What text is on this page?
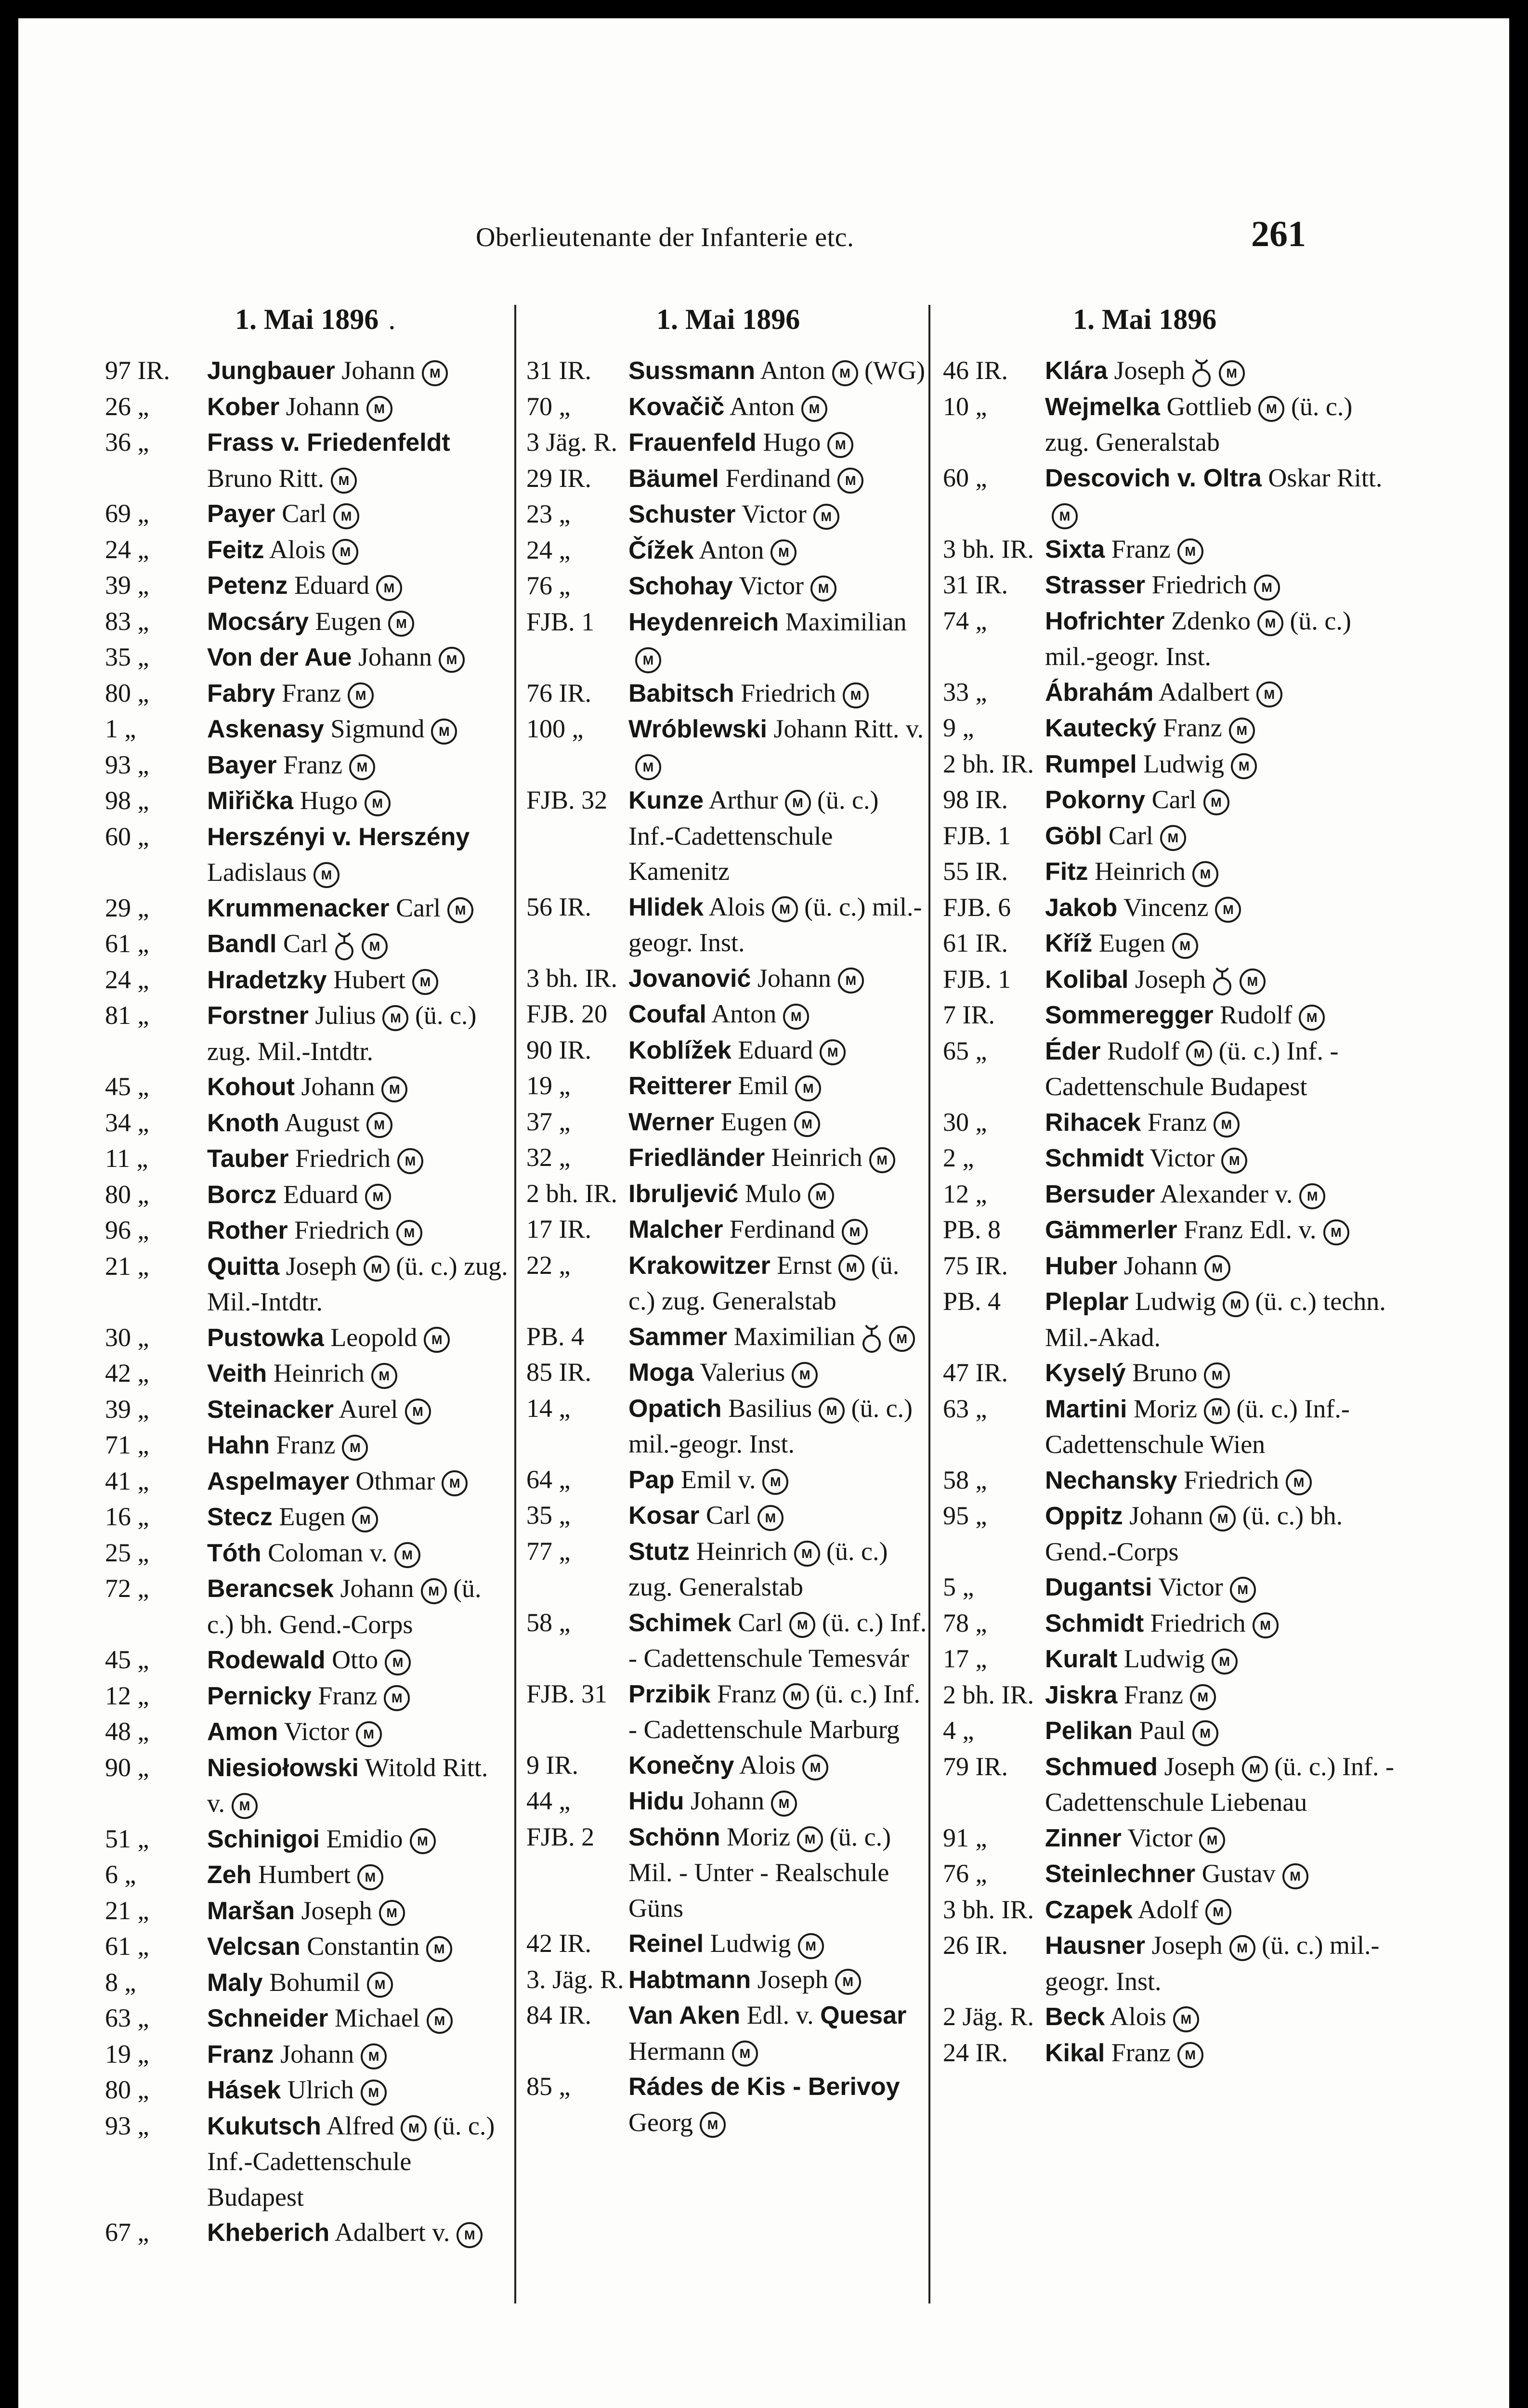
Oberlieutenante der Infanterie etc.	261
1. Mai 1896 .
97 IR.	Jungbauer Johann M
26 „	Kober Johann M
36 „	Frass v. Friedenfeldt Bruno Ritt. M
69 „	Payer Carl M
24 „	Feitz Alois M
39 „	Petenz Eduard M
83 „	Mocsáry Eugen M
35 „	Von der Aue Johann M
80 „	Fabry Franz M
1 „	Askenasy Sigmund M
93 „	Bayer Franz M
98 „	Miřička Hugo M
60 „	Herszényi v. Herszény Ladislaus M
29 „	Krummenacker Carl M
61 „	Bandl Carl	M
24 „	Hradetzky Hubert M
81 „	Forstner Julius M (ü. c.) zug. Mil.-Intdtr.
45 „	Kohout Johann M
34 „	Knoth August M
11 „	Tauber Friedrich M
80 „	Borcz Eduard M
96 „	Rother Friedrich M
21 „	Quitta Joseph M (ü. c.) zug. Mil.-Intdtr.
30 „	Pustowka Leopold M
42 „	Veith Heinrich M
39 „	Steinacker Aurel M
71 „	Hahn Franz M
41 „	Aspelmayer Othmar M
16 „	Stecz Eugen M
25 „	Tóth Coloman v. M
72 „	Berancsek Johann M (ü. c.) bh. Gend.-Corps
45 „	Rodewald Otto M
12 „	Pernicky Franz M
48 „	Amon Victor M
90 „	Niesiołowski Witold Ritt. v. M
51 „	Schinigoi Emidio M
6 „	Zeh Humbert M
21 „	Maršan Joseph M
61 „	Velcsan Constantin M
8 „	Maly Bohumil M
63 „	Schneider Michael M
19 „	Franz Johann M
80 „	Hásek Ulrich M
93 „	Kukutsch Alfred M (ü. c.) Inf.-Cadettenschule Budapest
67 „	Kheberich Adalbert v. M
1. Mai 1896
31 IR.	Sussmann Anton M (WG)
70 „	Kovačič Anton M
3 Jäg. R. Frauenfeld Hugo M
29 IR.	Bäumel Ferdinand M
23 „	Schuster Victor M
24 „	Čížek Anton M
76 „	Schohay Victor M
FJB. 1	Heydenreich MaximilianM
76 IR.	Babitsch Friedrich M
100 „	Wróblewski Johann Ritt. v.M
FJB. 32 Kunze Arthur M (ü. c.) Inf.-Cadettenschule Kamenitz
56 IR.	Hlidek Alois M (ü. c.) mil.-geogr. Inst.
3 bh. IR. Jovanović Johann M
FJB. 20 Coufal Anton M
90 IR.	Koblížek Eduard M
19 „	Reitterer Emil M
37 „	Werner Eugen M
32 „	Friedländer Heinrich M
2 bh. IR. Ibruljević Mulo M
17 IR.	Malcher Ferdinand M
22 „	Krakowitzer Ernst M (ü. c.) zug. Generalstab
PB. 4	Sammer Maximilian	M
85 IR.	Moga Valerius M
14 „	Opatich Basilius M (ü. c.) mil.-geogr. Inst.
64 „	Pap Emil v. M
35 „	Kosar Carl M
77 „	Stutz Heinrich M (ü. c.) zug. Generalstab
58 „	Schimek Carl M (ü. c.) Inf. - Cadettenschule Temesvár
FJB. 31 Przibik Franz M (ü. c.) Inf. - Cadettenschule Marburg
9 IR.	Konečny Alois M
44 „	Hidu Johann M
FJB. 2	Schönn Moriz M (ü. c.) Mil. - Unter - Realschule Güns
42 IR.	Reinel Ludwig M
3. Jäg. R. Habtmann Joseph M
84 IR.	Van Aken Edl. v. Quesar Hermann M
85 „	Rádes de Kis - Berivoy Georg M
1. Mai 1896
46 IR.	Klára Joseph	M
10 „	Wejmelka Gottlieb M (ü. c.) zug. Generalstab
60 „	Descovich v. Oltra Oskar Ritt.M
3 bh. IR. Sixta Franz M
31 IR.	Strasser Friedrich M
74 „	Hofrichter Zdenko M (ü. c.) mil.-geogr. Inst.
33 „	Ábrahám Adalbert M
9 „	Kautecký Franz M
2 bh. IR. Rumpel Ludwig M
98 IR.	Pokorny Carl M
FJB. 1	Göbl Carl M
55 IR.	Fitz Heinrich M
FJB. 6	Jakob Vincenz M
61 IR.	Kříž Eugen M
FJB. 1	Kolibal Joseph	M
7 IR.	Sommeregger Rudolf M
65 „	Éder Rudolf M (ü. c.) Inf. - Cadettenschule Budapest
30 „	Rihacek Franz M
2 „	Schmidt Victor M
12 „	Bersuder Alexander v. M
PB. 8	Gämmerler Franz Edl. v. M
75 IR.	Huber Johann M
PB. 4	Pleplar Ludwig M (ü. c.) techn. Mil.-Akad.
47 IR.	Kyselý Bruno M
63 „	Martini Moriz M (ü. c.) Inf.-Cadettenschule Wien
58 „	Nechansky Friedrich M
95 „	Oppitz Johann M (ü. c.) bh. Gend.-Corps
5 „	Dugantsi Victor M
78 „	Schmidt Friedrich M
17 „	Kuralt Ludwig M
2 bh. IR. Jiskra Franz M
4 „	Pelikan Paul M
79 IR.	Schmued Joseph M (ü. c.) Inf. - Cadettenschule Liebenau
91 „	Zinner Victor M
76 „	Steinlechner Gustav M
3 bh. IR. Czapek Adolf M
26 IR.	Hausner Joseph M (ü. c.) mil.-geogr. Inst.
2 Jäg. R. Beck Alois M
24 IR.	Kikal Franz M
